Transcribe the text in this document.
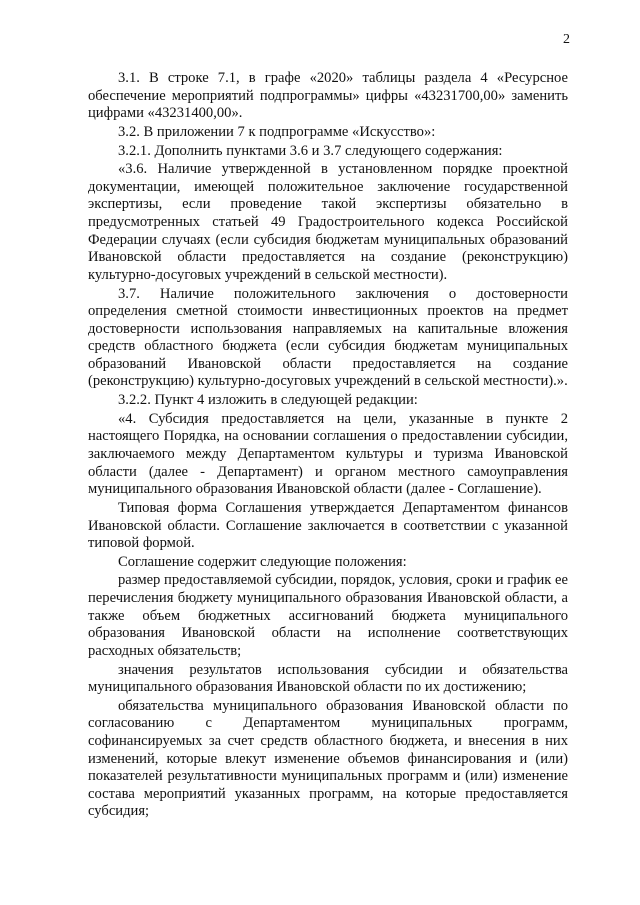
2

3.1. В строке 7.1, в графе «2020» таблицы раздела 4 «Ресурсное обеспечение мероприятий подпрограммы» цифры «43231700,00» заменить цифрами «43231400,00».

3.2. В приложении 7 к подпрограмме «Искусство»:

3.2.1. Дополнить пунктами 3.6 и 3.7 следующего содержания:

«3.6. Наличие утвержденной в установленном порядке проектной документации, имеющей положительное заключение государственной экспертизы, если проведение такой экспертизы обязательно в предусмотренных статьей 49 Градостроительного кодекса Российской Федерации случаях (если субсидия бюджетам муниципальных образований Ивановской области предоставляется на создание (реконструкцию) культурно-досуговых учреждений в сельской местности).

3.7. Наличие положительного заключения о достоверности определения сметной стоимости инвестиционных проектов на предмет достоверности использования направляемых на капитальные вложения средств областного бюджета (если субсидия бюджетам муниципальных образований Ивановской области предоставляется на создание (реконструкцию) культурно-досуговых учреждений в сельской местности).».

3.2.2. Пункт 4 изложить в следующей редакции:

«4. Субсидия предоставляется на цели, указанные в пункте 2 настоящего Порядка, на основании соглашения о предоставлении субсидии, заключаемого между Департаментом культуры и туризма Ивановской области (далее - Департамент) и органом местного самоуправления муниципального образования Ивановской области (далее - Соглашение).

Типовая форма Соглашения утверждается Департаментом финансов Ивановской области. Соглашение заключается в соответствии с указанной типовой формой.

Соглашение содержит следующие положения:

размер предоставляемой субсидии, порядок, условия, сроки и график ее перечисления бюджету муниципального образования Ивановской области, а также объем бюджетных ассигнований бюджета муниципального образования Ивановской области на исполнение соответствующих расходных обязательств;

значения результатов использования субсидии и обязательства муниципального образования Ивановской области по их достижению;

обязательства муниципального образования Ивановской области по согласованию с Департаментом муниципальных программ, софинансируемых за счет средств областного бюджета, и внесения в них изменений, которые влекут изменение объемов финансирования и (или) показателей результативности муниципальных программ и (или) изменение состава мероприятий указанных программ, на которые предоставляется субсидия;
